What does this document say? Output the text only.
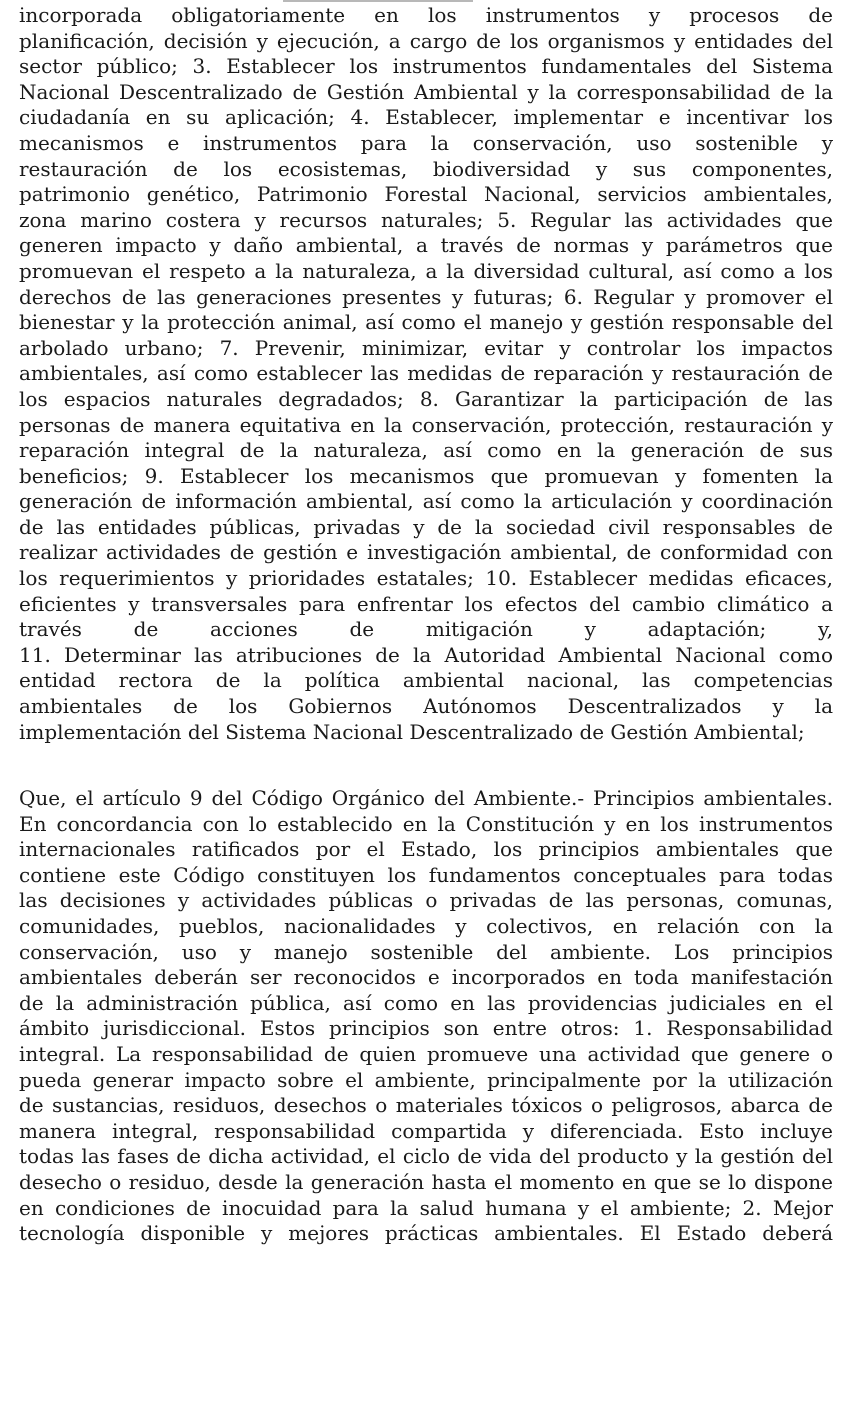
incorporada obligatoriamente en los instrumentos y procesos de
planificación, decisión y ejecución, a cargo de los organismos y entidades del
sector público; 3. Establecer los instrumentos fundamentales del Sistema
Nacional Descentralizado de Gestión Ambiental y la corresponsabilidad de la
ciudadanía en su aplicación; 4. Establecer, implementar e incentivar los
mecanismos e instrumentos para la conservación, uso sostenible y
restauración de los ecosistemas, biodiversidad y sus componentes,
patrimonio genético, Patrimonio Forestal Nacional, servicios ambientales,
zona marino costera y recursos naturales; 5. Regular las actividades que
generen impacto y daño ambiental, a través de normas y parámetros que
promuevan el respeto a la naturaleza, a la diversidad cultural, así como a los
derechos de las generaciones presentes y futuras; 6. Regular y promover el
bienestar y la protección animal, así como el manejo y gestión responsable del
arbolado urbano; 7. Prevenir, minimizar, evitar y controlar los impactos
ambientales, así como establecer las medidas de reparación y restauración de
los espacios naturales degradados; 8. Garantizar la participación de las
personas de manera equitativa en la conservación, protección, restauración y
reparación integral de la naturaleza, así como en la generación de sus
beneficios; 9. Establecer los mecanismos que promuevan y fomenten la
generación de información ambiental, así como la articulación y coordinación
de las entidades públicas, privadas y de la sociedad civil responsables de
realizar actividades de gestión e investigación ambiental, de conformidad con
los requerimientos y prioridades estatales; 10. Establecer medidas eficaces,
eficientes y transversales para enfrentar los efectos del cambio climático a
través de acciones de mitigación y adaptación; y,
11. Determinar las atribuciones de la Autoridad Ambiental Nacional como
entidad rectora de la política ambiental nacional, las competencias
ambientales de los Gobiernos Autónomos Descentralizados y la
implementación del Sistema Nacional Descentralizado de Gestión Ambiental;
Que, el artículo 9 del Código Orgánico del Ambiente.- Principios ambientales.
En concordancia con lo establecido en la Constitución y en los instrumentos
internacionales ratificados por el Estado, los principios ambientales que
contiene este Código constituyen los fundamentos conceptuales para todas
las decisiones y actividades públicas o privadas de las personas, comunas,
comunidades, pueblos, nacionalidades y colectivos, en relación con la
conservación, uso y manejo sostenible del ambiente. Los principios
ambientales deberán ser reconocidos e incorporados en toda manifestación
de la administración pública, así como en las providencias judiciales en el
ámbito jurisdiccional. Estos principios son entre otros: 1. Responsabilidad
integral. La responsabilidad de quien promueve una actividad que genere o
pueda generar impacto sobre el ambiente, principalmente por la utilización
de sustancias, residuos, desechos o materiales tóxicos o peligrosos, abarca de
manera integral, responsabilidad compartida y diferenciada. Esto incluye
todas las fases de dicha actividad, el ciclo de vida del producto y la gestión del
desecho o residuo, desde la generación hasta el momento en que se lo dispone
en condiciones de inocuidad para la salud humana y el ambiente; 2. Mejor
tecnología disponible y mejores prácticas ambientales. El Estado deberá
